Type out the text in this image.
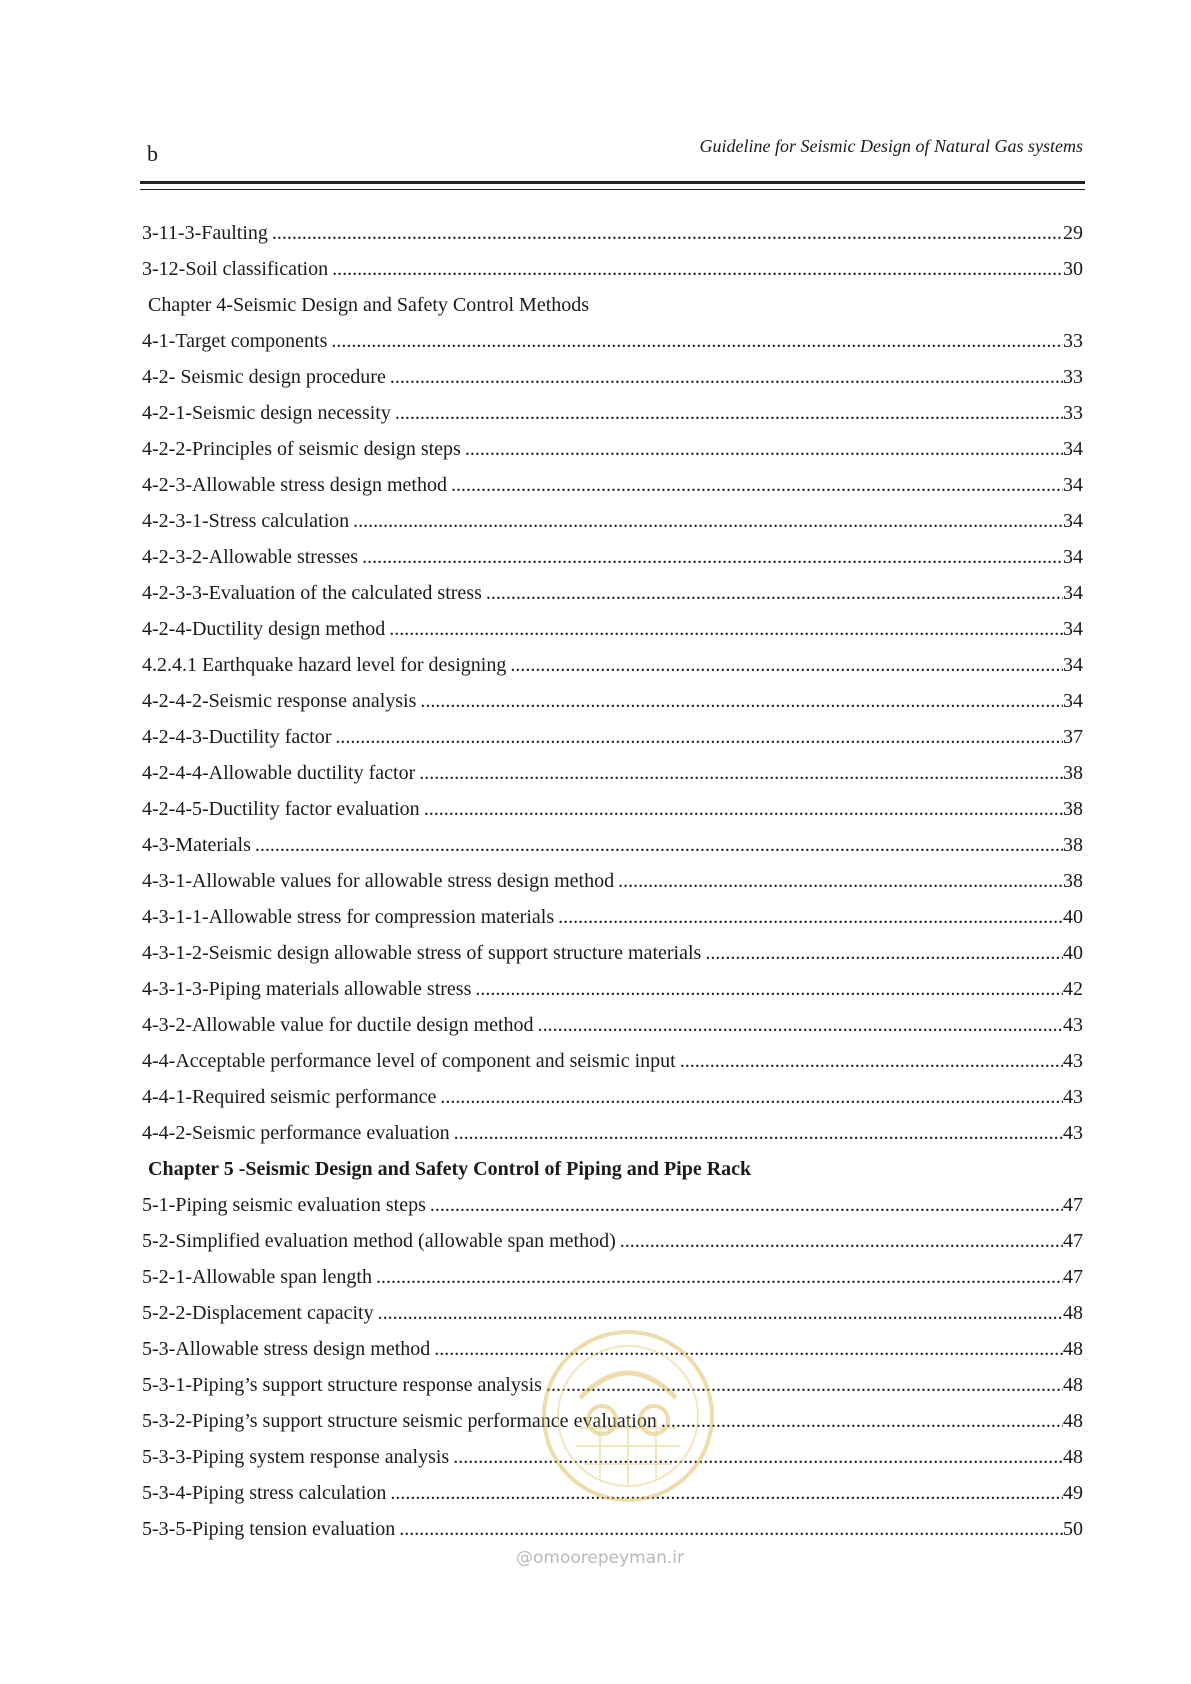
b	Guideline for Seismic Design of Natural Gas systems
3-11-3-Faulting .....	29
3-12-Soil classification .....	30
Chapter 4-Seismic Design and Safety Control Methods
4-1-Target components .....	33
4-2- Seismic design procedure .....	33
4-2-1-Seismic design necessity .....	33
4-2-2-Principles of seismic design steps .....	34
4-2-3-Allowable stress design method .....	34
4-2-3-1-Stress calculation .....	34
4-2-3-2-Allowable stresses .....	34
4-2-3-3-Evaluation of the calculated stress .....	34
4-2-4-Ductility design method .....	34
4.2.4.1 Earthquake hazard level for designing .....	34
4-2-4-2-Seismic response analysis .....	34
4-2-4-3-Ductility factor .....	37
4-2-4-4-Allowable ductility factor .....	38
4-2-4-5-Ductility factor evaluation .....	38
4-3-Materials .....	38
4-3-1-Allowable values for allowable stress design method .....	38
4-3-1-1-Allowable stress for compression materials .....	40
4-3-1-2-Seismic design allowable stress of support structure materials .....	40
4-3-1-3-Piping materials allowable stress .....	42
4-3-2-Allowable value for ductile design method .....	43
4-4-Acceptable performance level of component and seismic input .....	43
4-4-1-Required seismic performance .....	43
4-4-2-Seismic performance evaluation .....	43
Chapter 5 -Seismic Design and Safety Control of Piping and Pipe Rack
5-1-Piping seismic evaluation steps .....	47
5-2-Simplified evaluation method (allowable span method) .....	47
5-2-1-Allowable span length .....	47
5-2-2-Displacement capacity .....	48
5-3-Allowable stress design method .....	48
5-3-1-Piping’s support structure response analysis .....	48
5-3-2-Piping’s support structure seismic performance evaluation .....	48
5-3-3-Piping system response analysis .....	48
5-3-4-Piping stress calculation .....	49
5-3-5-Piping tension evaluation .....	50
@omoorepeyman.ir
